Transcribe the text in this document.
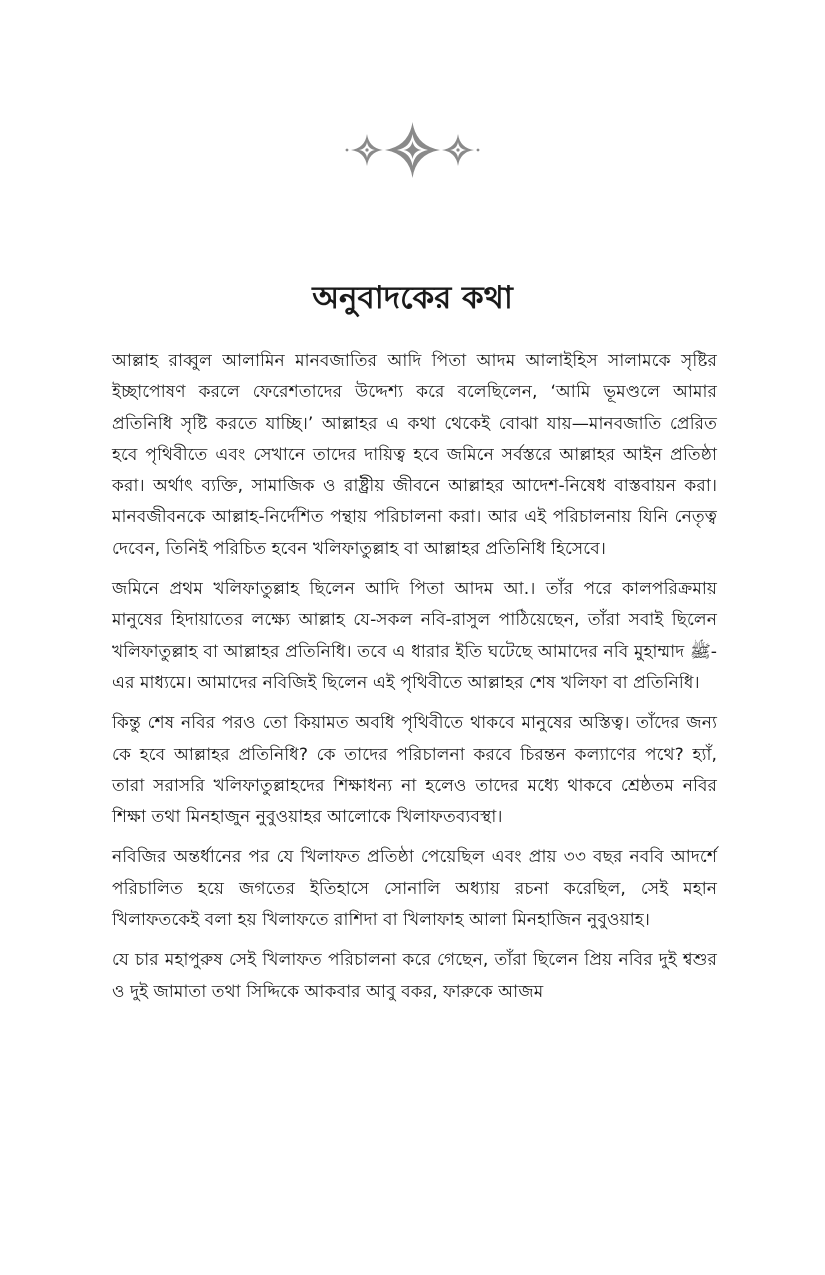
অনুবাদকের কথা

আল্লাহ রাব্বুল আলামিন মানবজাতির আদি পিতা আদম আলাইহিস সালামকে সৃষ্টির ইচ্ছাপোষণ করলে ফেরেশতাদের উদ্দেশ্য করে বলেছিলেন, ‘আমি ভূমণ্ডলে আমার প্রতিনিধি সৃষ্টি করতে যাচ্ছি।’ আল্লাহর এ কথা থেকেই বোঝা যায়—মানবজাতি প্রেরিত হবে পৃথিবীতে এবং সেখানে তাদের দায়িত্ব হবে জমিনে সর্বস্তরে আল্লাহর আইন প্রতিষ্ঠা করা। অর্থাৎ ব্যক্তি, সামাজিক ও রাষ্ট্রীয় জীবনে আল্লাহর আদেশ-নিষেধ বাস্তবায়ন করা। মানবজীবনকে আল্লাহ-নির্দেশিত পন্থায় পরিচালনা করা। আর এই পরিচালনায় যিনি নেতৃত্ব দেবেন, তিনিই পরিচিত হবেন খলিফাতুল্লাহ বা আল্লাহর প্রতিনিধি হিসেবে।

জমিনে প্রথম খলিফাতুল্লাহ ছিলেন আদি পিতা আদম আ.। তাঁর পরে কালপরিক্রমায় মানুষের হিদায়াতের লক্ষ্যে আল্লাহ যে-সকল নবি-রাসুল পাঠিয়েছেন, তাঁরা সবাই ছিলেন খলিফাতুল্লাহ বা আল্লাহর প্রতিনিধি। তবে এ ধারার ইতি ঘটেছে আমাদের নবি মুহাম্মাদ ﷺ-এর মাধ্যমে। আমাদের নবিজিই ছিলেন এই পৃথিবীতে আল্লাহর শেষ খলিফা বা প্রতিনিধি।

কিন্তু শেষ নবির পরও তো কিয়ামত অবধি পৃথিবীতে থাকবে মানুষের অস্তিত্ব। তাঁদের জন্য কে হবে আল্লাহর প্রতিনিধি? কে তাদের পরিচালনা করবে চিরন্তন কল্যাণের পথে? হ্যাঁ, তারা সরাসরি খলিফাতুল্লাহদের শিক্ষাধন্য না হলেও তাদের মধ্যে থাকবে শ্রেষ্ঠতম নবির শিক্ষা তথা মিনহাজুন নুবুওয়াহর আলোকে খিলাফতব্যবস্থা।

নবিজির অন্তর্ধানের পর যে খিলাফত প্রতিষ্ঠা পেয়েছিল এবং প্রায় ৩৩ বছর নববি আদর্শে পরিচালিত হয়ে জগতের ইতিহাসে সোনালি অধ্যায় রচনা করেছিল, সেই মহান খিলাফতকেই বলা হয় খিলাফতে রাশিদা বা খিলাফাহ আলা মিনহাজিন নুবুওয়াহ।

যে চার মহাপুরুষ সেই খিলাফত পরিচালনা করে গেছেন, তাঁরা ছিলেন প্রিয় নবির দুই শ্বশুর ও দুই জামাতা তথা সিদ্দিকে আকবার আবু বকর, ফারুকে আজম
